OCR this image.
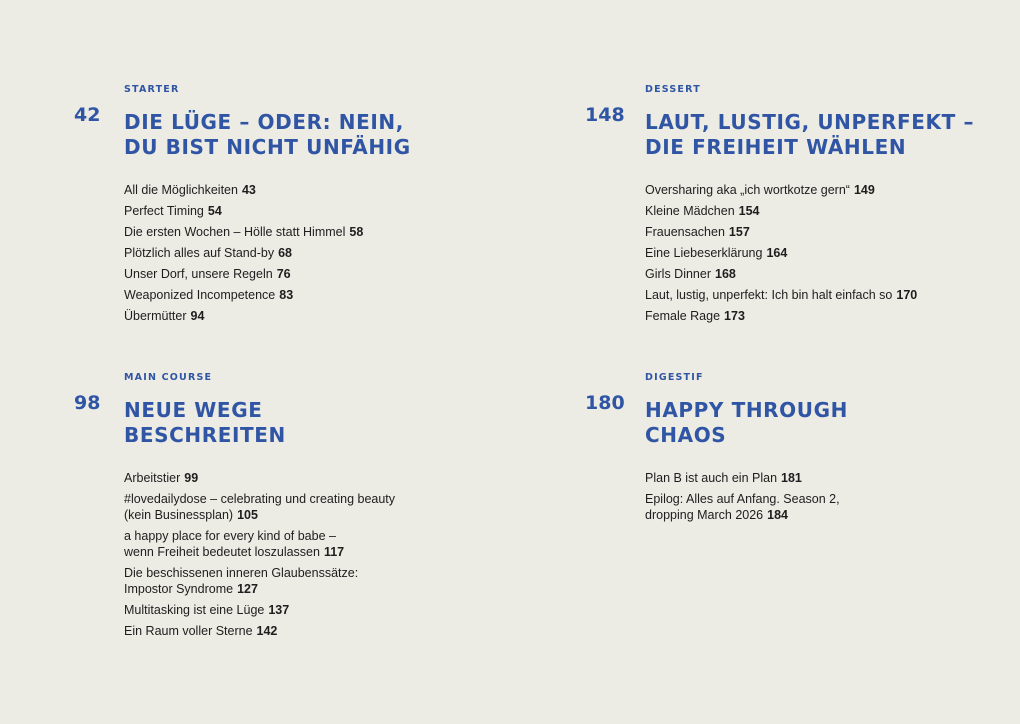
42
STARTER
DIE LÜGE – ODER: NEIN,
DU BIST NICHT UNFÄHIG
All die Möglichkeiten 43
Perfect Timing 54
Die ersten Wochen – Hölle statt Himmel 58
Plötzlich alles auf Stand-by 68
Unser Dorf, unsere Regeln 76
Weaponized Incompetence 83
Übermütter 94
148
DESSERT
LAUT, LUSTIG, UNPERFEKT –
DIE FREIHEIT WÄHLEN
Oversharing aka „ich wortkotze gern“ 149
Kleine Mädchen 154
Frauensachen 157
Eine Liebeserklärung 164
Girls Dinner 168
Laut, lustig, unperfekt: Ich bin halt einfach so 170
Female Rage 173
98
MAIN COURSE
NEUE WEGE
BESCHREITEN
Arbeitstier 99
#lovedailydose – celebrating und creating beauty
(kein Businessplan) 105
a happy place for every kind of babe –
wenn Freiheit bedeutet loszulassen 117
Die beschissenen inneren Glaubenssätze:
Impostor Syndrome 127
Multitasking ist eine Lüge 137
Ein Raum voller Sterne 142
180
DIGESTIF
HAPPY THROUGH
CHAOS
Plan B ist auch ein Plan 181
Epilog: Alles auf Anfang. Season 2,
dropping March 2026 184
